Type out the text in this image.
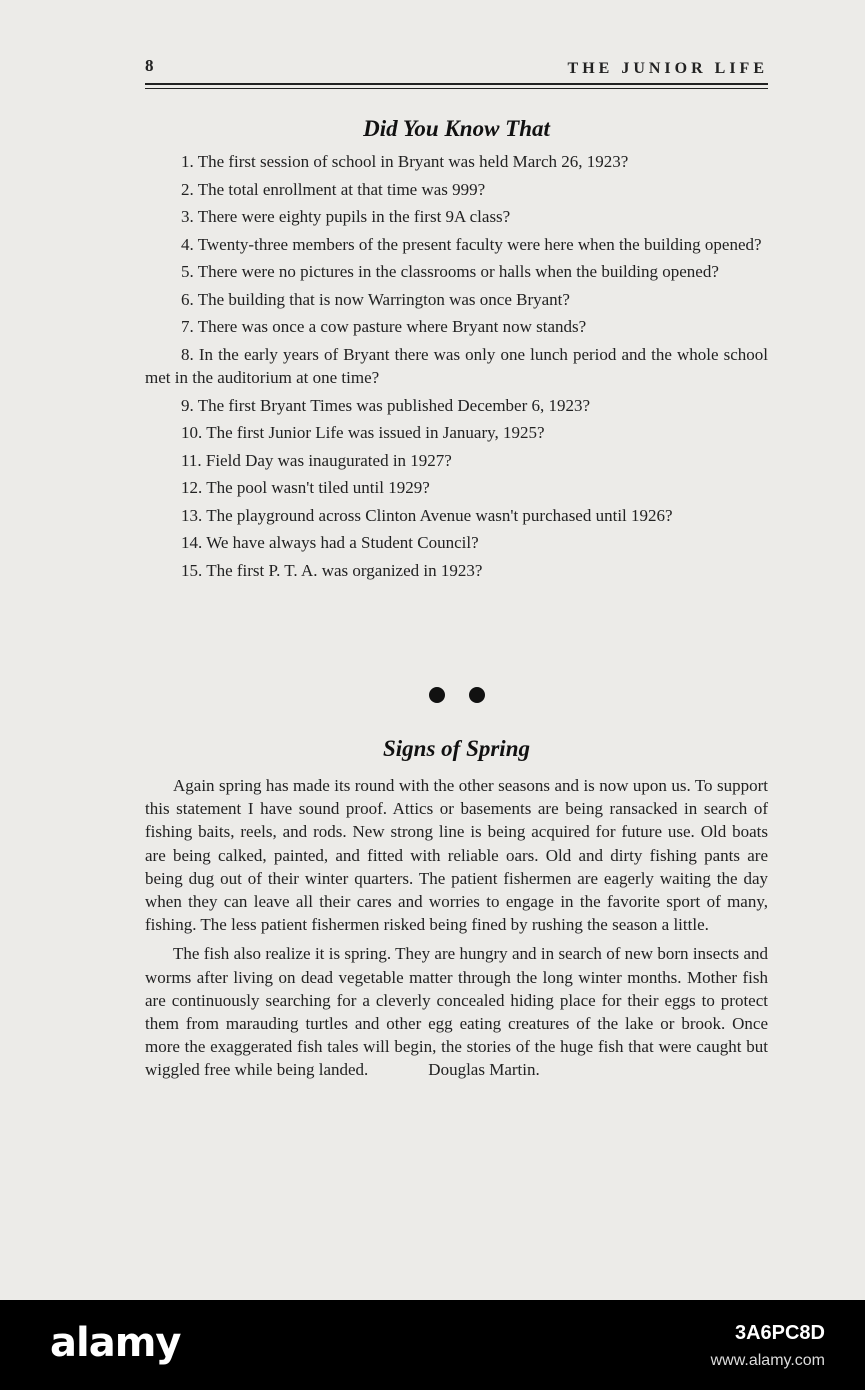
8	THE JUNIOR LIFE
Did You Know That

1. The first session of school in Bryant was held March 26, 1923?

2. The total enrollment at that time was 999?

3. There were eighty pupils in the first 9A class?

4. Twenty-three members of the present faculty were here when the building opened?

5. There were no pictures in the classrooms or halls when the building opened?

6. The building that is now Warrington was once Bryant?

7. There was once a cow pasture where Bryant now stands?

8. In the early years of Bryant there was only one lunch period and the whole school met in the auditorium at one time?

9. The first Bryant Times was published December 6, 1923?

10. The first Junior Life was issued in January, 1925?

11. Field Day was inaugurated in 1927?

12. The pool wasn't tiled until 1929?

13. The playground across Clinton Avenue wasn't purchased until 1926?

14. We have always had a Student Council?

15. The first P. T. A. was organized in 1923?

Signs of Spring

Again spring has made its round with the other seasons and is now upon us. To support this statement I have sound proof. Attics or basements are being ransacked in search of fishing baits, reels, and rods. New strong line is being acquired for future use. Old boats are being calked, painted, and fitted with reliable oars. Old and dirty fishing pants are being dug out of their winter quarters. The patient fishermen are eagerly waiting the day when they can leave all their cares and worries to engage in the favorite sport of many, fishing. The less patient fishermen risked being fined by rushing the season a little.

The fish also realize it is spring. They are hungry and in search of new born insects and worms after living on dead vegetable matter through the long winter months. Mother fish are continuously searching for a cleverly concealed hiding place for their eggs to protect them from marauding turtles and other egg eating creatures of the lake or brook. Once more the exaggerated fish tales will begin, the stories of the huge fish that were caught but wiggled free while being landed.	Douglas Martin.

alamy	3A6PC8D
www.alamy.com
